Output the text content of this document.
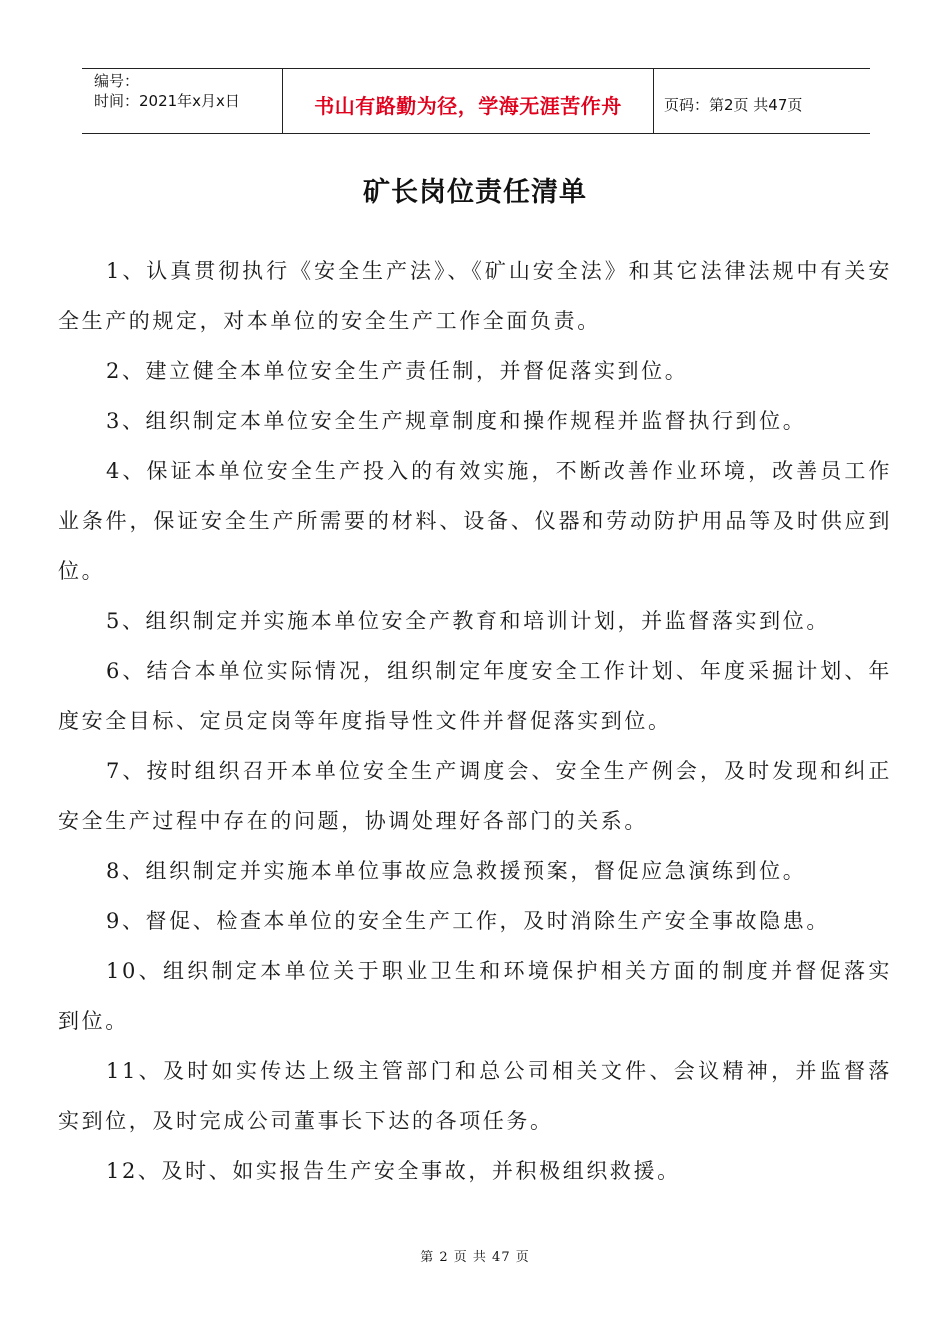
编号：
时间：2021年x月x日	书山有路勤为径，学海无涯苦作舟	页码：第2页 共47页
矿长岗位责任清单

1、认真贯彻执行《安全生产法》、《矿山安全法》和其它法律法规中有关安全生产的规定，对本单位的安全生产工作全面负责。

2、建立健全本单位安全生产责任制，并督促落实到位。

3、组织制定本单位安全生产规章制度和操作规程并监督执行到位。

4、保证本单位安全生产投入的有效实施，不断改善作业环境，改善员工作业条件，保证安全生产所需要的材料、设备、仪器和劳动防护用品等及时供应到位。

5、组织制定并实施本单位安全产教育和培训计划，并监督落实到位。

6、结合本单位实际情况，组织制定年度安全工作计划、年度采掘计划、年度安全目标、定员定岗等年度指导性文件并督促落实到位。

7、按时组织召开本单位安全生产调度会、安全生产例会，及时发现和纠正安全生产过程中存在的问题，协调处理好各部门的关系。

8、组织制定并实施本单位事故应急救援预案，督促应急演练到位。

9、督促、检查本单位的安全生产工作，及时消除生产安全事故隐患。

10、组织制定本单位关于职业卫生和环境保护相关方面的制度并督促落实到位。

11、及时如实传达上级主管部门和总公司相关文件、会议精神，并监督落实到位，及时完成公司董事长下达的各项任务。

12、及时、如实报告生产安全事故，并积极组织救援。

第 2 页 共 47 页
